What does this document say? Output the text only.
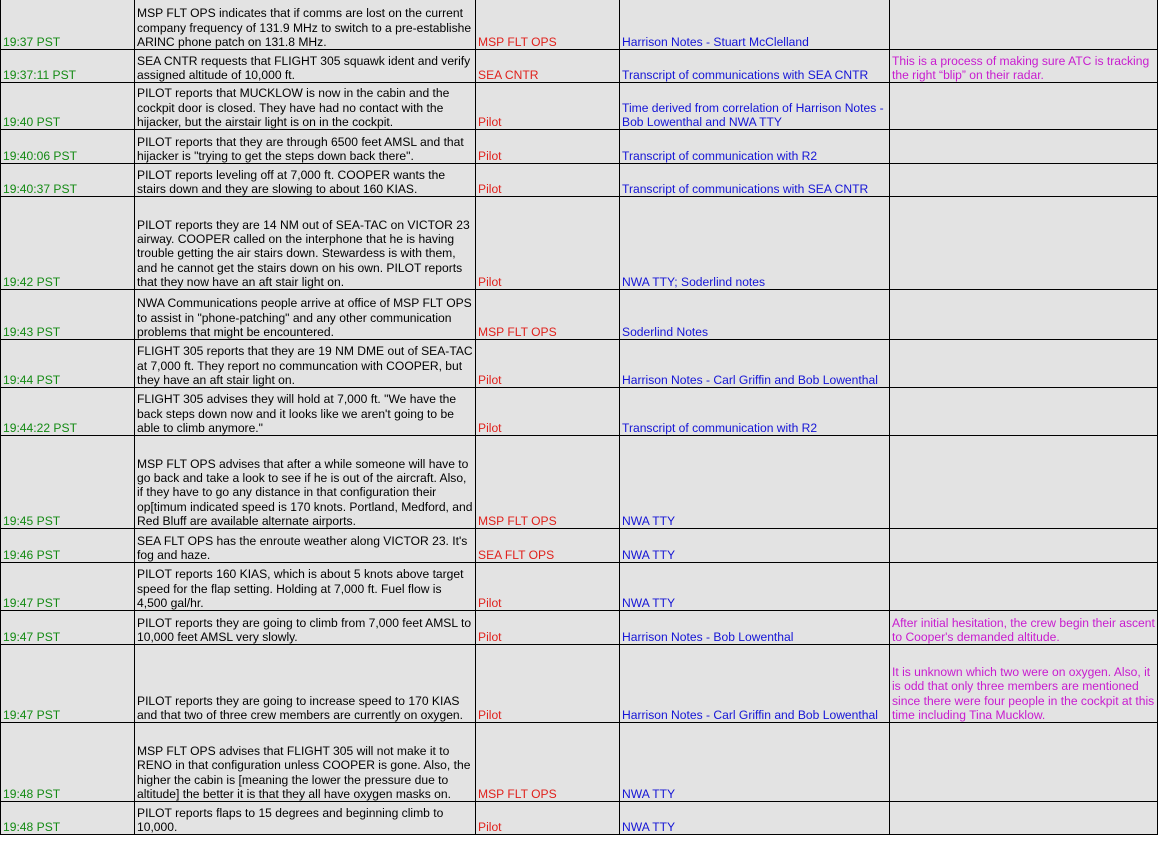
19:37 PST	MSP FLT OPS indicates that if comms are lost on the current company frequency of 131.9 MHz to switch to a pre-establishe ARINC phone patch on 131.8 MHz.	MSP FLT OPS	Harrison Notes - Stuart McClelland	
19:37:11 PST	SEA CNTR requests that FLIGHT 305 squawk ident and verify assigned altitude of 10,000 ft.	SEA CNTR	Transcript of communications with SEA CNTR	This is a process of making sure ATC is tracking the right “blip” on their radar.
19:40 PST	PILOT reports that MUCKLOW is now in the cabin and the cockpit door is closed. They have had no contact with the hijacker, but the airstair light is on in the cockpit.	Pilot	Time derived from correlation of Harrison Notes - Bob Lowenthal and NWA TTY	
19:40:06 PST	PILOT reports that they are through 6500 feet AMSL and that hijacker is "trying to get the steps down back there".	Pilot	Transcript of communication with R2	
19:40:37 PST	PILOT reports leveling off at 7,000 ft. COOPER wants the stairs down and they are slowing to about 160 KIAS.	Pilot	Transcript of communications with SEA CNTR	
19:42 PST	PILOT reports they are 14 NM out of SEA-TAC on VICTOR 23 airway. COOPER called on the interphone that he is having trouble getting the air stairs down. Stewardess is with them, and he cannot get the stairs down on his own. PILOT reports that they now have an aft stair light on.	Pilot	NWA TTY; Soderlind notes	
19:43 PST	NWA Communications people arrive at office of MSP FLT OPS to assist in "phone-patching" and any other communication problems that might be encountered.	MSP FLT OPS	Soderlind Notes	
19:44 PST	FLIGHT 305 reports that they are 19 NM DME out of SEA-TAC at 7,000 ft. They report no communcation with COOPER, but they have an aft stair light on.	Pilot	Harrison Notes - Carl Griffin and Bob Lowenthal	
19:44:22 PST	FLIGHT 305 advises they will hold at 7,000 ft. "We have the back steps down now and it looks like we aren't going to be able to climb anymore."	Pilot	Transcript of communication with R2	
19:45 PST	MSP FLT OPS advises that after a while someone will have to go back and take a look to see if he is out of the aircraft. Also, if they have to go any distance in that configuration their op[timum indicated speed is 170 knots. Portland, Medford, and Red Bluff are available alternate airports.	MSP FLT OPS	NWA TTY	
19:46 PST	SEA FLT OPS has the enroute weather along VICTOR 23. It's fog and haze.	SEA FLT OPS	NWA TTY	
19:47 PST	PILOT reports 160 KIAS, which is about 5 knots above target speed for the flap setting. Holding at 7,000 ft. Fuel flow is 4,500 gal/hr.	Pilot	NWA TTY	
19:47 PST	PILOT reports they are going to climb from 7,000 feet AMSL to 10,000 feet AMSL very slowly.	Pilot	Harrison Notes - Bob Lowenthal	After initial hesitation, the crew begin their ascent to Cooper's demanded altitude.
19:47 PST	PILOT reports they are going to increase speed to 170 KIAS and that two of three crew members are currently on oxygen.	Pilot	Harrison Notes - Carl Griffin and Bob Lowenthal	It is unknown which two were on oxygen. Also, it is odd that only three members are mentioned since there were four people in the cockpit at this time including Tina Mucklow.
19:48 PST	MSP FLT OPS advises that FLIGHT 305 will not make it to RENO in that configuration unless COOPER is gone. Also, the higher the cabin is [meaning the lower the pressure due to altitude] the better it is that they all have oxygen masks on.	MSP FLT OPS	NWA TTY	
19:48 PST	PILOT reports flaps to 15 degrees and beginning climb to 10,000.	Pilot	NWA TTY	
